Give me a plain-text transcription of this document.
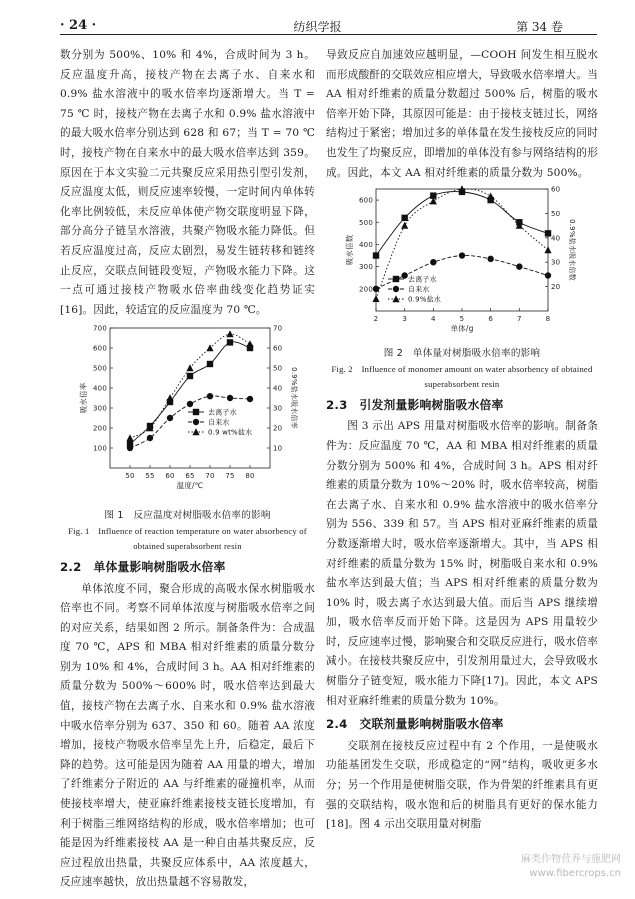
· 24 ·	纺织学报	第 34 卷

数分别为 500%、10% 和 4%，合成时间为 3 h。反应温度升高，接枝产物在去离子水、自来水和 0.9% 盐水溶液中的吸水倍率均逐渐增大。当 T = 75 ℃ 时，接枝产物在去离子水和 0.9% 盐水溶液中的最大吸水倍率分别达到 628 和 67；当 T = 70 ℃ 时，接枝产物在自来水中的最大吸水倍率达到 359。原因在于本文实验二元共聚反应采用热引型引发剂，反应温度太低，则反应速率较慢，一定时间内单体转化率比例较低，未反应单体使产物交联度明显下降，部分高分子链呈水溶液，共聚产物吸水能力降低。但若反应温度过高，反应太剧烈，易发生链转移和链终止反应，交联点间链段变短，产物吸水能力下降。这一点可通过接枝产物吸水倍率曲线变化趋势证实[16]。因此，较适宜的反应温度为 70 ℃。

50 55 60 65 70 75 80
100
200
300
400
500
600
700
10
20
30
40
50
60
70
温度/℃
吸水倍率	0.9%盐水吸水倍率
去离子水
自来水
0.9 wt%盐水
图 1　反应温度对树脂吸水倍率的影响
Fig. 1　Influence of reaction temperature on water absorbency of obtained superabsorbent resin
2.2　单体量影响树脂吸水倍率

单体浓度不同，聚合形成的高吸水保水树脂吸水倍率也不同。考察不同单体浓度与树脂吸水倍率之间的对应关系，结果如图 2 所示。制备条件为：合成温度 70 ℃，APS 和 MBA 相对纤维素的质量分数分别为 10% 和 4%，合成时间 3 h。AA 相对纤维素的质量分数为 500%～600% 时，吸水倍率达到最大值，接枝产物在去离子水、自来水和 0.9% 盐水溶液中吸水倍率分别为 637、350 和 60。随着 AA 浓度增加，接枝产物吸水倍率呈先上升，后稳定，最后下降的趋势。这可能是因为随着 AA 用量的增大，增加了纤维素分子附近的 AA 与纤维素的碰撞机率，从而使接枝率增大，使亚麻纤维素接枝支链长度增加，有利于树脂三维网络结构的形成，吸水倍率增加；也可能是因为纤维素接枝 AA 是一种自由基共聚反应，反应过程放出热量，共聚反应体系中，AA 浓度越大，反应速率越快，放出热量越不容易散发，

导致反应自加速效应越明显，—COOH 间发生相互脱水而形成酸酐的交联效应相应增大，导致吸水倍率增大。当 AA 相对纤维素的质量分数超过 500% 后，树脂的吸水倍率开始下降，其原因可能是：由于接枝支链过长，网络结构过于紧密；增加过多的单体量在发生接枝反应的同时也发生了均聚反应，即增加的单体没有参与网络结构的形成。因此，本文 AA 相对纤维素的质量分数为 500%。

2	3	4	5	6	7	8
200
300
400
500
600
20
30
40
50
60
单体/g
吸水倍数	0.9%盐水吸水倍数
去离子水
自来水
0.9%盐水
图 2　单体量对树脂吸水倍率的影响
Fig. 2　Influence of monomer amount on water absorbency of obtained superabsorbent resin
2.3　引发剂量影响树脂吸水倍率

图 3 示出 APS 用量对树脂吸水倍率的影响。制备条件为：反应温度 70 ℃，AA 和 MBA 相对纤维素的质量分数分别为 500% 和 4%，合成时间 3 h。APS 相对纤维素的质量分数为 10%～20% 时，吸水倍率较高，树脂在去离子水、自来水和 0.9% 盐水溶液中的吸水倍率分别为 556、339 和 57。当 APS 相对亚麻纤维素的质量分数逐渐增大时，吸水倍率逐渐增大。其中，当 APS 相对纤维素的质量分数为 15% 时，树脂吸自来水和 0.9% 盐水率达到最大值；当 APS 相对纤维素的质量分数为 10% 时，吸去离子水达到最大值。而后当 APS 继续增加，吸水倍率反而开始下降。这是因为 APS 用量较少时，反应速率过慢，影响聚合和交联反应进行，吸水倍率减小。在接枝共聚反应中，引发剂用量过大，会导致吸水树脂分子链变短，吸水能力下降[17]。因此，本文 APS 相对亚麻纤维素的质量分数为 10%。

2.4　交联剂量影响树脂吸水倍率

交联剂在接枝反应过程中有 2 个作用，一是使吸水功能基团发生交联，形成稳定的“网”结构，吸收更多水分；另一个作用是使树脂交联，作为骨架的纤维素具有更强的交联结构，吸水饱和后的树脂具有更好的保水能力[18]。图 4 示出交联用量对树脂

麻类作物营养与施肥网
www.fibercrops.cn
